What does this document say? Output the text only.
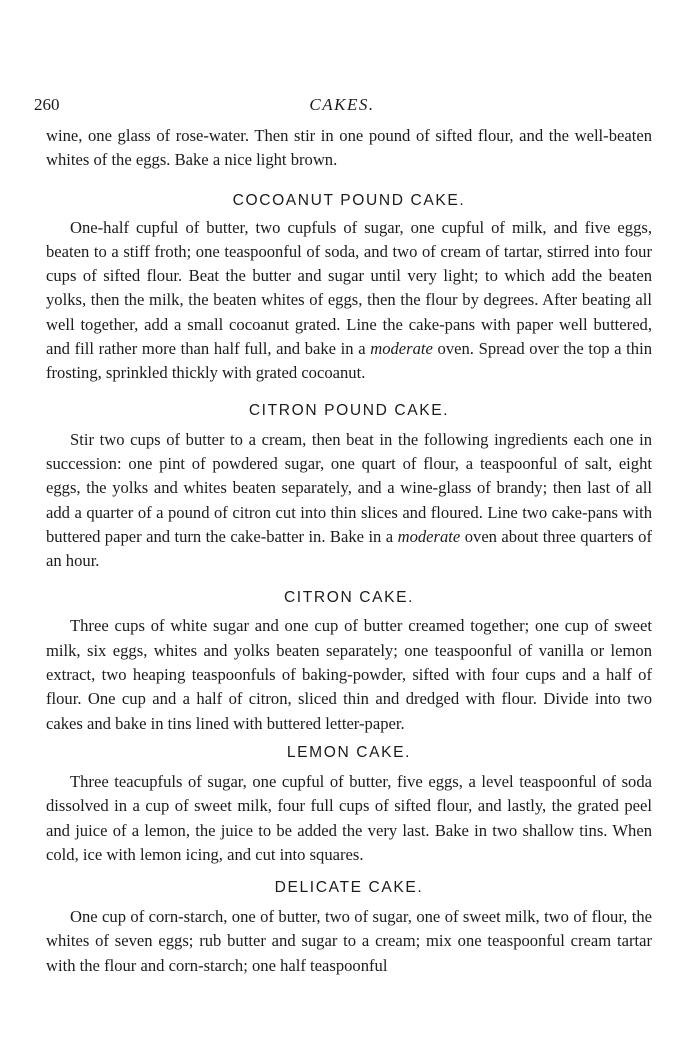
260	CAKES.

wine, one glass of rose-water. Then stir in one pound of sifted flour, and the well-beaten whites of the eggs. Bake a nice light brown.

COCOANUT POUND CAKE.

One-half cupful of butter, two cupfuls of sugar, one cupful of milk, and five eggs, beaten to a stiff froth; one teaspoonful of soda, and two of cream of tartar, stirred into four cups of sifted flour. Beat the butter and sugar until very light; to which add the beaten yolks, then the milk, the beaten whites of eggs, then the flour by degrees. After beating all well together, add a small cocoanut grated. Line the cake-pans with paper well buttered, and fill rather more than half full, and bake in a moderate oven. Spread over the top a thin frosting, sprinkled thickly with grated cocoanut.

CITRON POUND CAKE.

Stir two cups of butter to a cream, then beat in the following ingredients each one in succession: one pint of powdered sugar, one quart of flour, a teaspoonful of salt, eight eggs, the yolks and whites beaten separately, and a wine-glass of brandy; then last of all add a quarter of a pound of citron cut into thin slices and floured. Line two cake-pans with buttered paper and turn the cake-batter in. Bake in a moderate oven about three quarters of an hour.

CITRON CAKE.

Three cups of white sugar and one cup of butter creamed together; one cup of sweet milk, six eggs, whites and yolks beaten separately; one teaspoonful of vanilla or lemon extract, two heaping teaspoonfuls of baking-powder, sifted with four cups and a half of flour. One cup and a half of citron, sliced thin and dredged with flour. Divide into two cakes and bake in tins lined with buttered letter-paper.

LEMON CAKE.

Three teacupfuls of sugar, one cupful of butter, five eggs, a level teaspoonful of soda dissolved in a cup of sweet milk, four full cups of sifted flour, and lastly, the grated peel and juice of a lemon, the juice to be added the very last. Bake in two shallow tins. When cold, ice with lemon icing, and cut into squares.

DELICATE CAKE.

One cup of corn-starch, one of butter, two of sugar, one of sweet milk, two of flour, the whites of seven eggs; rub butter and sugar to a cream; mix one teaspoonful cream tartar with the flour and corn-starch; one half teaspoonful
